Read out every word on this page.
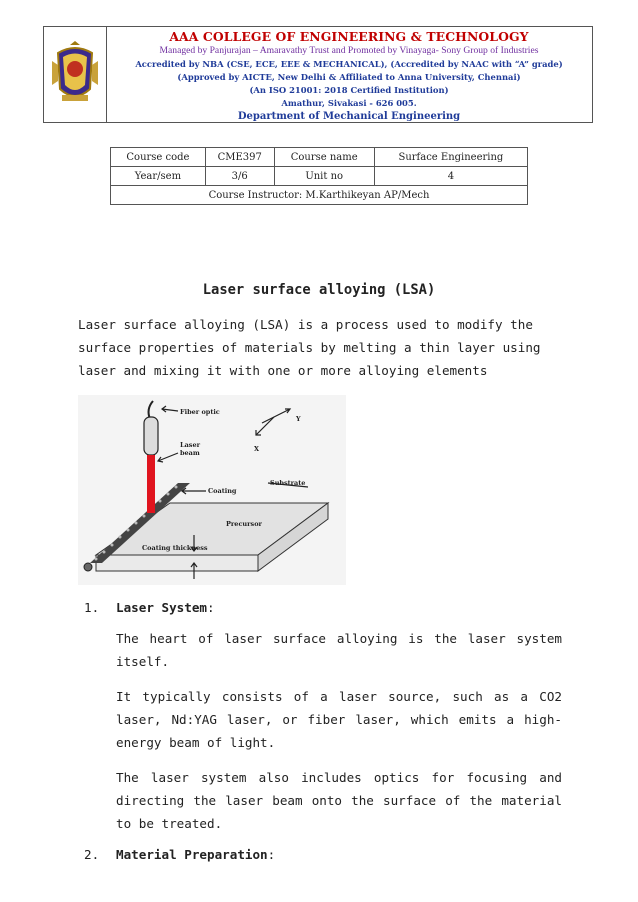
AAA COLLEGE OF ENGINEERING & TECHNOLOGY
Managed by Panjurajan – Amaravathy Trust and Promoted by Vinayaga- Sony Group of Industries
Accredited by NBA (CSE, ECE, EEE & MECHANICAL), (Accredited by NAAC with “A” grade)
(Approved by AICTE, New Delhi & Affiliated to Anna University, Chennai)
(An ISO 21001: 2018 Certified Institution)
Amathur, Sivakasi - 626 005.
Department of Mechanical Engineering
Course code	CME397	Course name	Surface Engineering
Year/sem	3/6	Unit no	4
Course Instructor: M.Karthikeyan AP/Mech			
Laser surface alloying (LSA)
Laser surface alloying (LSA) is a process used to modify the surface properties of materials by melting a thin layer using laser and mixing it with one or more alloying elements
Fiber optic
Laser
beam
Coating
Substrate
Precursor
Coating thickness
X
Y
1. Laser System:

The heart of laser surface alloying is the laser system itself.

It typically consists of a laser source, such as a CO2 laser, Nd:YAG laser, or fiber laser, which emits a high-energy beam of light.

The laser system also includes optics for focusing and directing the laser beam onto the surface of the material to be treated.

2. Material Preparation:
